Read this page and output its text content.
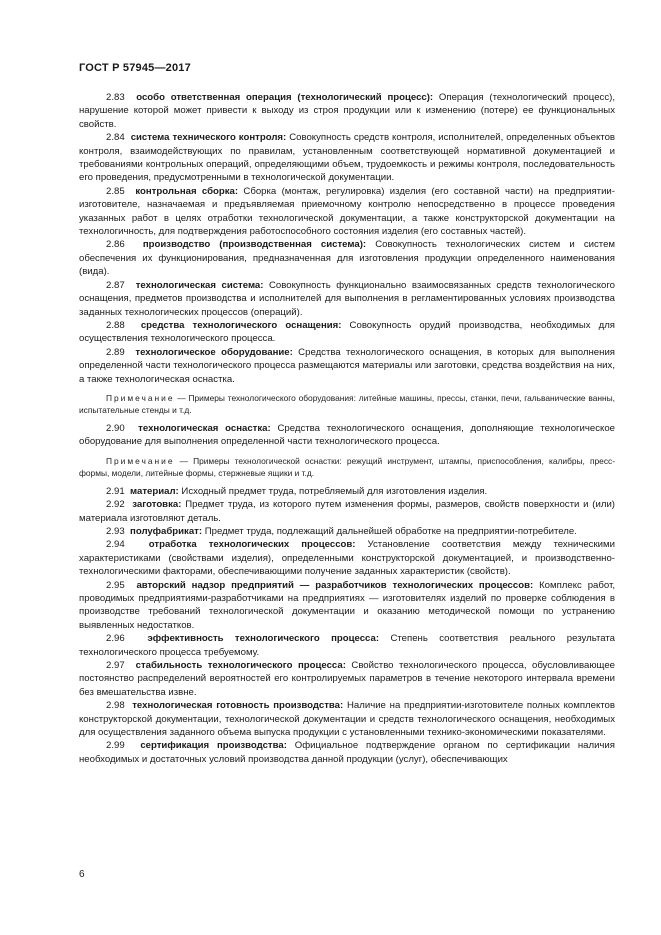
ГОСТ Р 57945—2017

2.83 особо ответственная операция (технологический процесс): Операция (технологический процесс), нарушение которой может привести к выходу из строя продукции или к изменению (потере) ее функциональных свойств.

2.84 система технического контроля: Совокупность средств контроля, исполнителей, определенных объектов контроля, взаимодействующих по правилам, установленным соответствующей нормативной документацией и требованиями контрольных операций, определяющими объем, трудоемкость и режимы контроля, последовательность его проведения, предусмотренными в технологической документации.

2.85 контрольная сборка: Сборка (монтаж, регулировка) изделия (его составной части) на предприятии-изготовителе, назначаемая и предъявляемая приемочному контролю непосредственно в процессе проведения указанных работ в целях отработки технологической документации, а также конструкторской документации на технологичность, для подтверждения работоспособного состояния изделия (его составных частей).

2.86 производство (производственная система): Совокупность технологических систем и систем обеспечения их функционирования, предназначенная для изготовления продукции определенного наименования (вида).

2.87 технологическая система: Совокупность функционально взаимосвязанных средств технологического оснащения, предметов производства и исполнителей для выполнения в регламентированных условиях производства заданных технологических процессов (операций).

2.88 средства технологического оснащения: Совокупность орудий производства, необходимых для осуществления технологического процесса.

2.89 технологическое оборудование: Средства технологического оснащения, в которых для выполнения определенной части технологического процесса размещаются материалы или заготовки, средства воздействия на них, а также технологическая оснастка.

Примечание — Примеры технологического оборудования: литейные машины, прессы, станки, печи, гальванические ванны, испытательные стенды и т.д.

2.90 технологическая оснастка: Средства технологического оснащения, дополняющие технологическое оборудование для выполнения определенной части технологического процесса.

Примечание — Примеры технологической оснастки: режущий инструмент, штампы, приспособления, калибры, пресс-формы, модели, литейные формы, стержневые ящики и т.д.

2.91 материал: Исходный предмет труда, потребляемый для изготовления изделия.

2.92 заготовка: Предмет труда, из которого путем изменения формы, размеров, свойств поверхности и (или) материала изготовляют деталь.

2.93 полуфабрикат: Предмет труда, подлежащий дальнейшей обработке на предприятии-потребителе.

2.94	отработка технологических процессов: Установление соответствия между техническими характеристиками (свойствами изделия), определенными конструкторской документацией, и производственно-технологическими факторами, обеспечивающими получение заданных характеристик (свойств).

2.95 авторский надзор предприятий — разработчиков технологических процессов: Комплекс работ, проводимых предприятиями-разработчиками на предприятиях — изготовителях изделий по проверке соблюдения в производстве требований технологической документации и оказанию методической помощи по устранению выявленных недостатков.

2.96 эффективность технологического процесса: Степень соответствия реального результата технологического процесса требуемому.

2.97 стабильность технологического процесса: Свойство технологического процесса, обусловливающее постоянство распределений вероятностей его контролируемых параметров в течение некоторого интервала времени без вмешательства извне.

2.98 технологическая готовность производства: Наличие на предприятии-изготовителе полных комплектов конструкторской документации, технологической документации и средств технологического оснащения, необходимых для осуществления заданного объема выпуска продукции с установленными технико-экономическими показателями.

2.99 сертификация производства: Официальное подтверждение органом по сертификации наличия необходимых и достаточных условий производства данной продукции (услуг), обеспечивающих

6
